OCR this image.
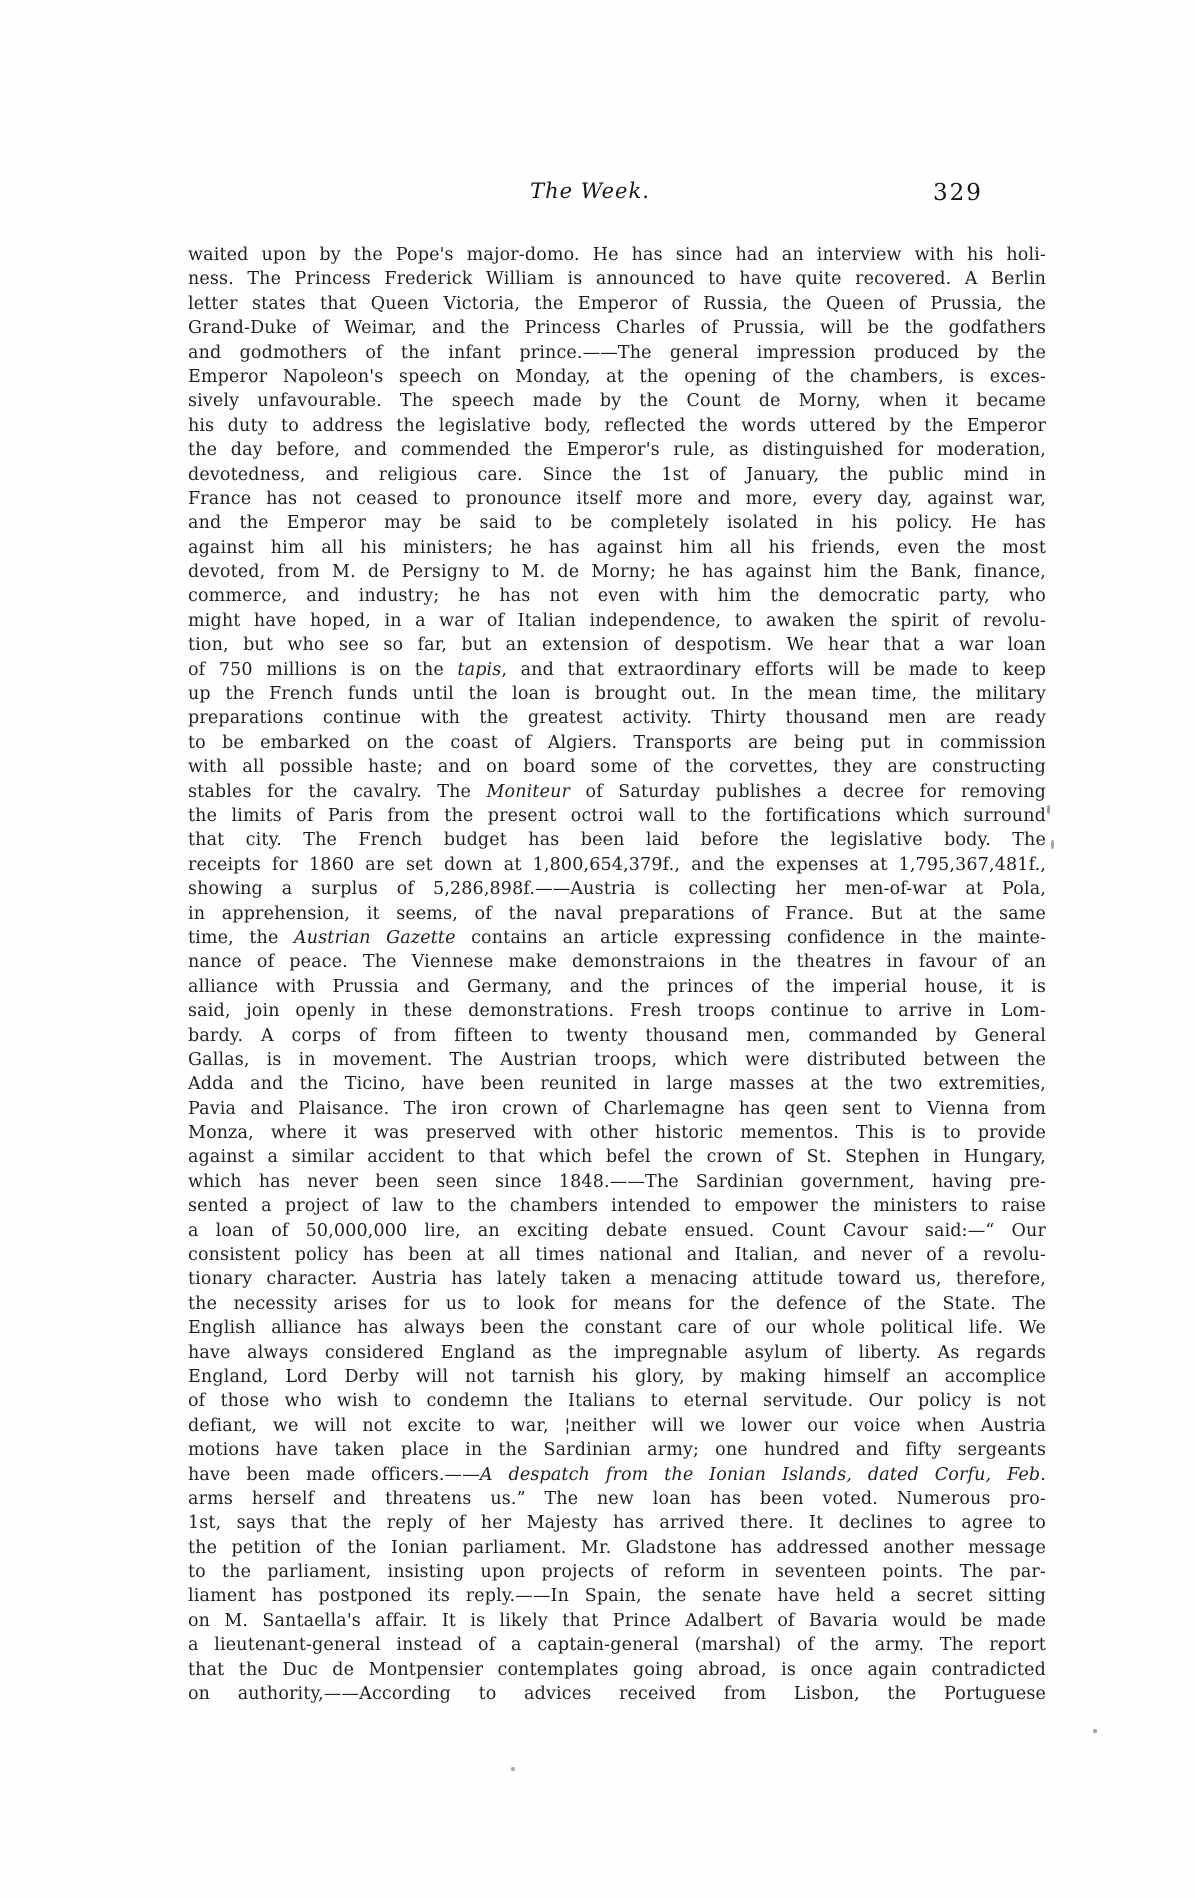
The Week.	329
waited upon by the Pope's major-domo. He has since had an interview with his holi-
ness. The Princess Frederick William is announced to have quite recovered. A Berlin
letter states that Queen Victoria, the Emperor of Russia, the Queen of Prussia, the
Grand-Duke of Weimar, and the Princess Charles of Prussia, will be the godfathers
and godmothers of the infant prince.——The general impression produced by the
Emperor Napoleon's speech on Monday, at the opening of the chambers, is exces-
sively unfavourable. The speech made by the Count de Morny, when it became
his duty to address the legislative body, reflected the words uttered by the Emperor
the day before, and commended the Emperor's rule, as distinguished for moderation,
devotedness, and religious care. Since the 1st of January, the public mind in
France has not ceased to pronounce itself more and more, every day, against war,
and the Emperor may be said to be completely isolated in his policy. He has
against him all his ministers; he has against him all his friends, even the most
devoted, from M. de Persigny to M. de Morny; he has against him the Bank, finance,
commerce, and industry; he has not even with him the democratic party, who
might have hoped, in a war of Italian independence, to awaken the spirit of revolu-
tion, but who see so far, but an extension of despotism. We hear that a war loan
of 750 millions is on the tapis, and that extraordinary efforts will be made to keep
up the French funds until the loan is brought out. In the mean time, the military
preparations continue with the greatest activity. Thirty thousand men are ready
to be embarked on the coast of Algiers. Transports are being put in commission
with all possible haste; and on board some of the corvettes, they are constructing
stables for the cavalry. The Moniteur of Saturday publishes a decree for removing
the limits of Paris from the present octroi wall to the fortifications which surround
that city. The French budget has been laid before the legislative body. The
receipts for 1860 are set down at 1,800,654,379f., and the expenses at 1,795,367,481f.,
showing a surplus of 5,286,898f.——Austria is collecting her men-of-war at Pola,
in apprehension, it seems, of the naval preparations of France. But at the same
time, the Austrian Gazette contains an article expressing confidence in the mainte-
nance of peace. The Viennese make demonstraions in the theatres in favour of an
alliance with Prussia and Germany, and the princes of the imperial house, it is
said, join openly in these demonstrations. Fresh troops continue to arrive in Lom-
bardy. A corps of from fifteen to twenty thousand men, commanded by General
Gallas, is in movement. The Austrian troops, which were distributed between the
Adda and the Ticino, have been reunited in large masses at the two extremities,
Pavia and Plaisance. The iron crown of Charlemagne has qeen sent to Vienna from
Monza, where it was preserved with other historic mementos. This is to provide
against a similar accident to that which befel the crown of St. Stephen in Hungary,
which has never been seen since 1848.——The Sardinian government, having pre-
sented a project of law to the chambers intended to empower the ministers to raise
a loan of 50,000,000 lire, an exciting debate ensued. Count Cavour said:—“ Our
consistent policy has been at all times national and Italian, and never of a revolu-
tionary character. Austria has lately taken a menacing attitude toward us, therefore,
the necessity arises for us to look for means for the defence of the State. The
English alliance has always been the constant care of our whole political life. We
have always considered England as the impregnable asylum of liberty. As regards
England, Lord Derby will not tarnish his glory, by making himself an accomplice
of those who wish to condemn the Italians to eternal servitude. Our policy is not
defiant, we will not excite to war, ¦neither will we lower our voice when Austria
motions have taken place in the Sardinian army; one hundred and fifty sergeants
have been made officers.——A despatch from the Ionian Islands, dated Corfu, Feb.
arms herself and threatens us.” The new loan has been voted. Numerous pro-
1st, says that the reply of her Majesty has arrived there. It declines to agree to
the petition of the Ionian parliament. Mr. Gladstone has addressed another message
to the parliament, insisting upon projects of reform in seventeen points. The par-
liament has postponed its reply.——In Spain, the senate have held a secret sitting
on M. Santaella's affair. It is likely that Prince Adalbert of Bavaria would be made
a lieutenant-general instead of a captain-general (marshal) of the army. The report
that the Duc de Montpensier contemplates going abroad, is once again contradicted
on authority,——According to advices received from Lisbon, the Portuguese
